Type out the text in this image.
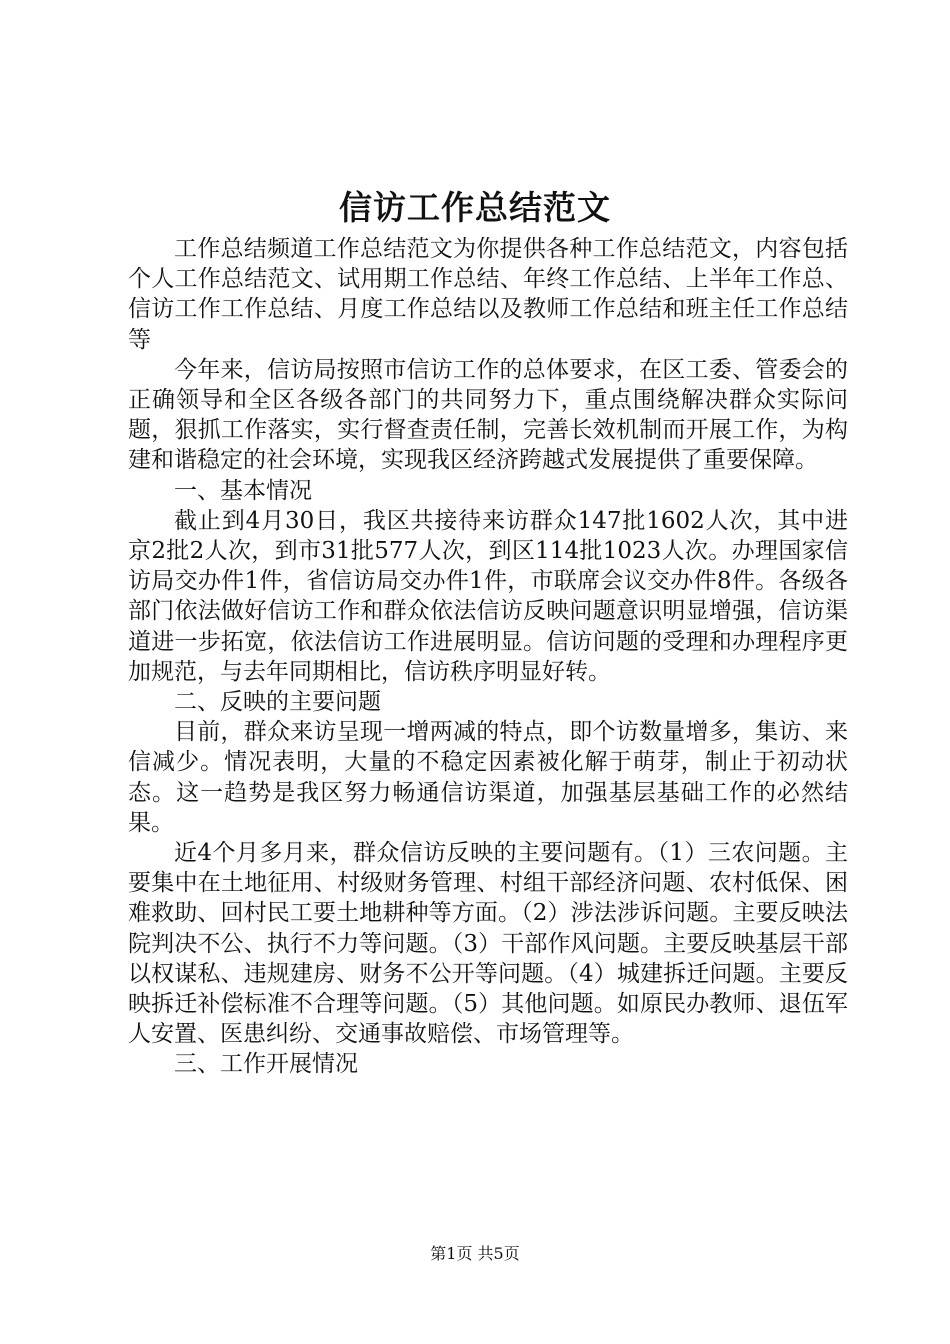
信访工作总结范文

工作总结频道工作总结范文为你提供各种工作总结范文，内容包括个人工作总结范文、试用期工作总结、年终工作总结、上半年工作总、信访工作工作总结、月度工作总结以及教师工作总结和班主任工作总结等

今年来，信访局按照市信访工作的总体要求，在区工委、管委会的正确领导和全区各级各部门的共同努力下，重点围绕解决群众实际问题，狠抓工作落实，实行督查责任制，完善长效机制而开展工作，为构建和谐稳定的社会环境，实现我区经济跨越式发展提供了重要保障。

一、基本情况

截止到4月30日，我区共接待来访群众147批1602人次，其中进京2批2人次，到市31批577人次，到区114批1023人次。办理国家信访局交办件1件，省信访局交办件1件，市联席会议交办件8件。各级各部门依法做好信访工作和群众依法信访反映问题意识明显增强，信访渠道进一步拓宽，依法信访工作进展明显。信访问题的受理和办理程序更加规范，与去年同期相比，信访秩序明显好转。

二、反映的主要问题

目前，群众来访呈现一增两减的特点，即个访数量增多，集访、来信减少。情况表明，大量的不稳定因素被化解于萌芽，制止于初动状态。这一趋势是我区努力畅通信访渠道，加强基层基础工作的必然结果。

近4个月多月来，群众信访反映的主要问题有。（1）三农问题。主要集中在土地征用、村级财务管理、村组干部经济问题、农村低保、困难救助、回村民工要土地耕种等方面。（2）涉法涉诉问题。主要反映法院判决不公、执行不力等问题。（3）干部作风问题。主要反映基层干部以权谋私、违规建房、财务不公开等问题。（4）城建拆迁问题。主要反映拆迁补偿标准不合理等问题。（5）其他问题。如原民办教师、退伍军人安置、医患纠纷、交通事故赔偿、市场管理等。

三、工作开展情况

第1页 共5页
